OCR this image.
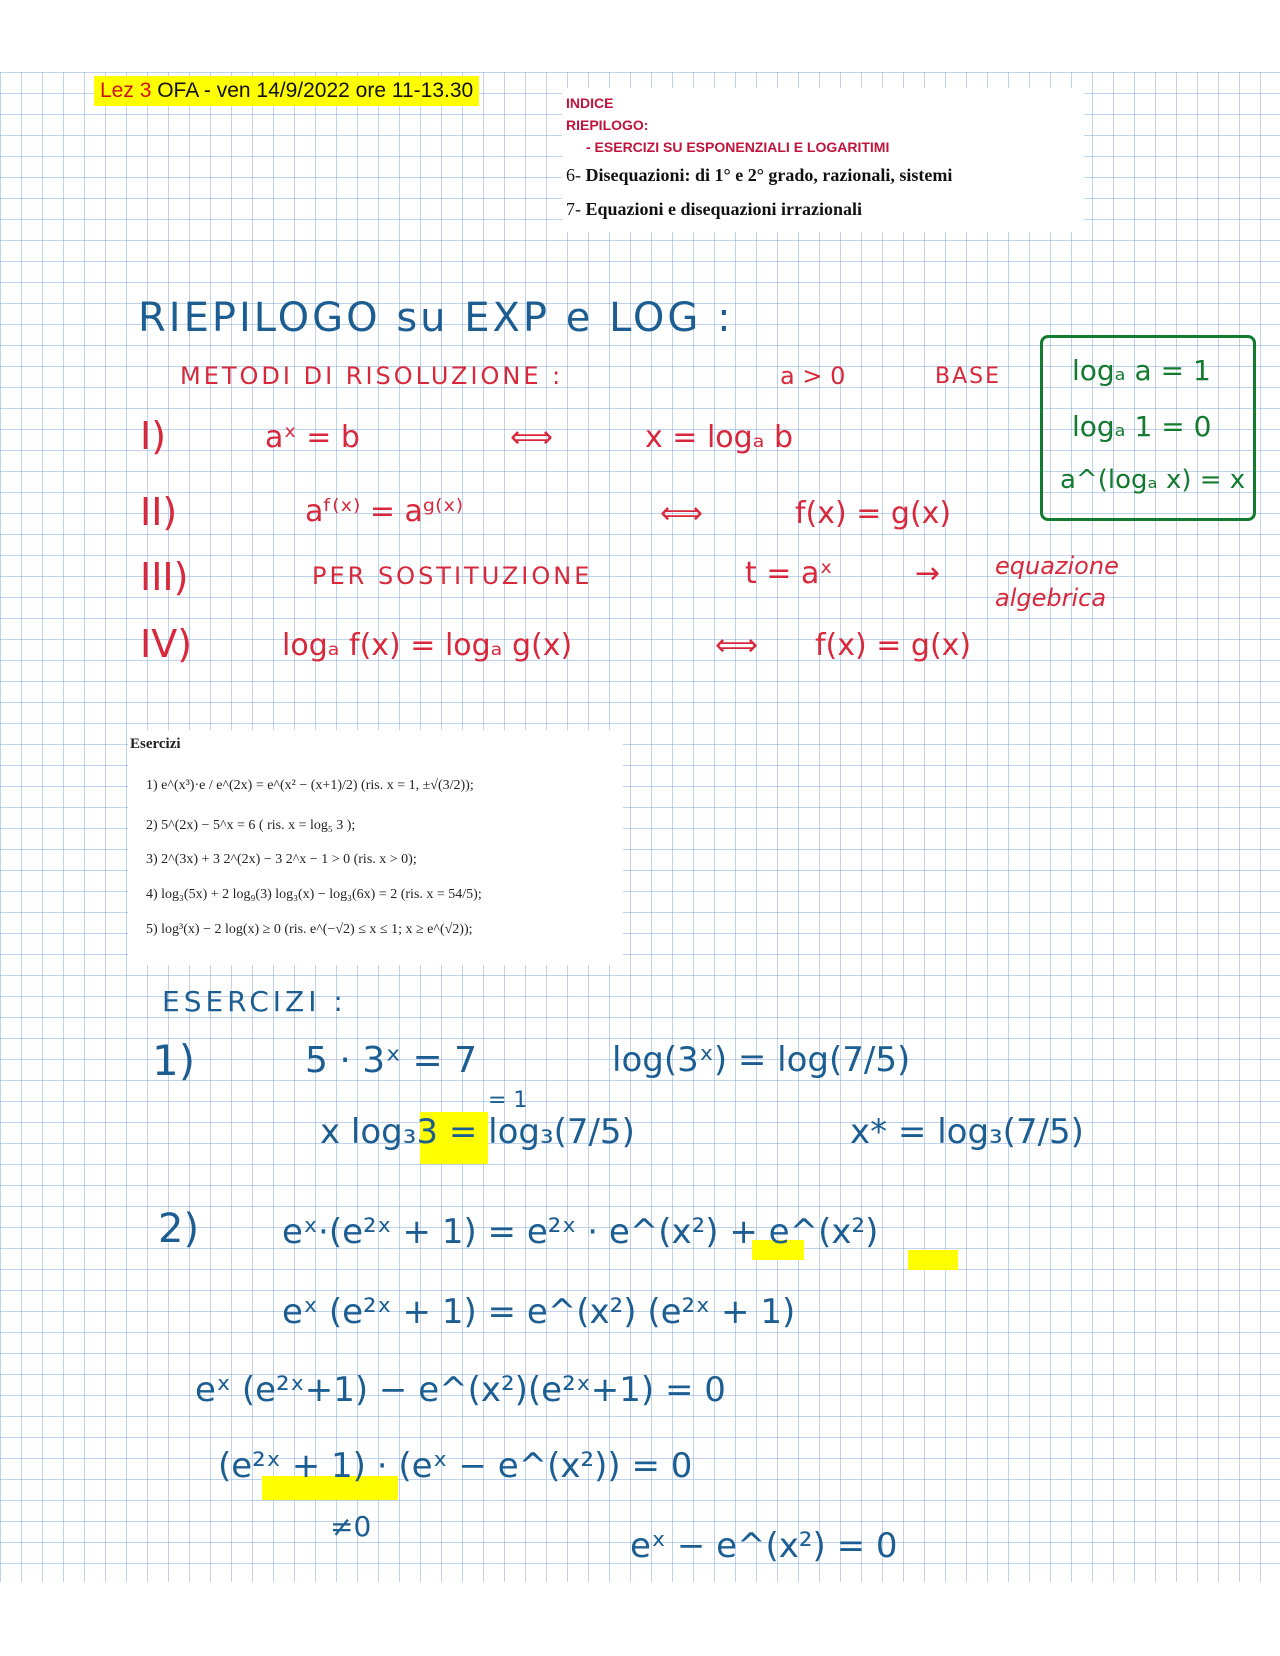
Lez 3 OFA - ven 14/9/2022 ore 11-13.30
INDICE
RIEPILOGO:
- ESERCIZI SU ESPONENZIALI E LOGARITIMI
6- Disequazioni: di 1° e 2° grado, razionali, sistemi
7- Equazioni e disequazioni irrazionali
RIEPILOGO su EXP e LOG :
METODI DI RISOLUZIONE :	a > 0	BASE
I)	aˣ = b	⟺	x = logₐ b
II)	aᶠ⁽ˣ⁾ = aᵍ⁽ˣ⁾	⟺	f(x) = g(x)
III)	PER SOSTITUZIONE	t = aˣ	→ equazione
algebrica
IV)	logₐ f(x) = logₐ g(x)	⟺ f(x) = g(x)
logₐ a = 1
logₐ 1 = 0
a^(logₐ x) = x
Esercizi
1) e^(x³)·e / e^(2x) = e^(x² − (x+1)/2) (ris. x = 1, ±√(3/2));
2) 5^(2x) − 5^x = 6 ( ris. x = log₅ 3 );
3) 2^(3x) + 3 2^(2x) − 3 2^x − 1 > 0 (ris. x > 0);
4) log₃(5x) + 2 log₉(3) log₃(x) − log₃(6x) = 2 (ris. x = 54/5);
5) log³(x) − 2 log(x) ≥ 0 (ris. e^(−√2) ≤ x ≤ 1; x ≥ e^(√2));
ESERCIZI :
1)	5 · 3ˣ = 7	log(3ˣ) = log(7/5)
x log₃3 = log₃(7/5)
= 1
x* = log₃(7/5)
2) eˣ·(e²ˣ + 1) = e²ˣ · e^(x²) + e^(x²)
eˣ (e²ˣ + 1) = e^(x²) (e²ˣ + 1)
eˣ (e²ˣ+1) − e^(x²)(e²ˣ+1) = 0
(e²ˣ + 1) · (eˣ − e^(x²)) = 0
≠0	eˣ − e^(x²) = 0
